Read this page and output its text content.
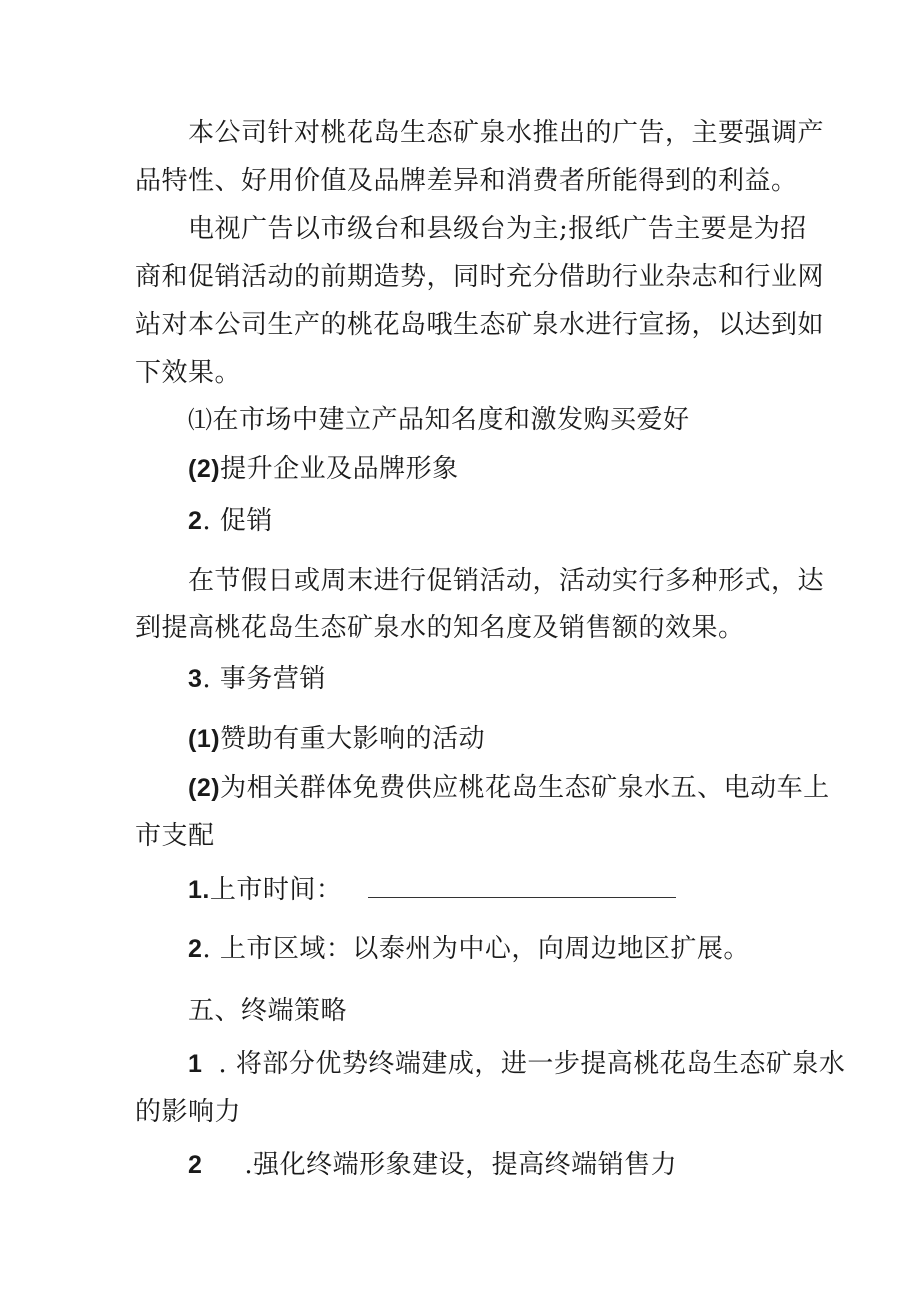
本公司针对桃花岛生态矿泉水推出的广告，主要强调产
品特性、好用价值及品牌差异和消费者所能得到的利益。
电视广告以市级台和县级台为主;报纸广告主要是为招
商和促销活动的前期造势，同时充分借助行业杂志和行业网
站对本公司生产的桃花岛哦生态矿泉水进行宣扬，以达到如
下效果。
⑴在市场中建立产品知名度和激发购买爱好
(2)提升企业及品牌形象
2. 促销
在节假日或周末进行促销活动，活动实行多种形式，达
到提高桃花岛生态矿泉水的知名度及销售额的效果。
3. 事务营销
(1)赞助有重大影响的活动
(2)为相关群体免费供应桃花岛生态矿泉水五、电动车上
市支配
1.上市时间：
2. 上市区域：以泰州为中心，向周边地区扩展。
五、终端策略
1 . 将部分优势终端建成，进一步提高桃花岛生态矿泉水
的影响力
2 .强化终端形象建设，提高终端销售力
